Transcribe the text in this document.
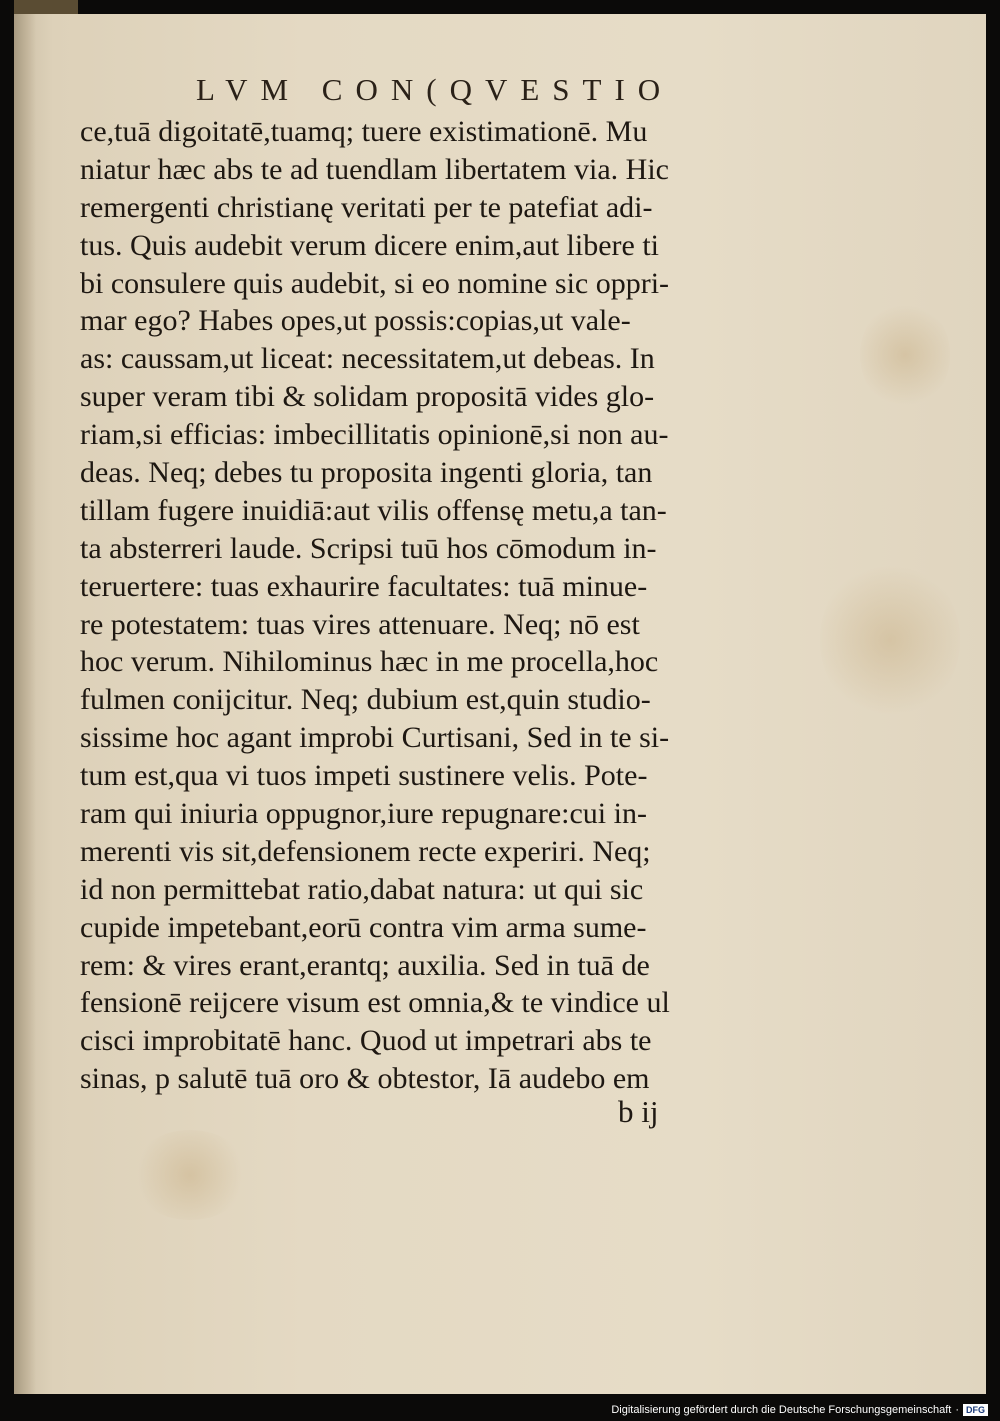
LVM CON(QVESTIO
ce,tuā digoitatē,tuamq; tuere existimationē. Mu
niatur hæc abs te ad tuendlam libertatem via. Hic
remergenti christianę veritati per te patefiat adi-
tus. Quis audebit verum dicere enim,aut libere ti
bi consulere quis audebit, si eo nomine sic oppri-
mar ego? Habes opes,ut possis:copias,ut vale-
as: caussam,ut liceat: necessitatem,ut debeas. In
super veram tibi & solidam propositā vides glo-
riam,si efficias: imbecillitatis opinionē,si non au-
deas. Neq; debes tu proposita ingenti gloria, tan
tillam fugere inuidiā:aut vilis offensę metu,a tan-
ta absterreri laude. Scripsi tuū hos cōmodum in-
teruertere: tuas exhaurire facultates: tuā minue-
re potestatem: tuas vires attenuare. Neq; nō est
hoc verum. Nihilominus hæc in me procella,hoc
fulmen conijcitur. Neq; dubium est,quin studio-
sissime hoc agant improbi Curtisani, Sed in te si-
tum est,qua vi tuos impeti sustinere velis. Pote-
ram qui iniuria oppugnor,iure repugnare:cui in-
merenti vis sit,defensionem recte experiri. Neq;
id non permittebat ratio,dabat natura: ut qui sic
cupide impetebant,eorū contra vim arma sume-
rem: & vires erant,erantq; auxilia. Sed in tuā de
fensionē reijcere visum est omnia,& te vindice ul
cisci improbitatē hanc. Quod ut impetrari abs te
sinas, p salutē tuā oro & obtestor, Iā audebo em
b ij
Digitalisierung gefördert durch die Deutsche Forschungsgemeinschaft · DFG
